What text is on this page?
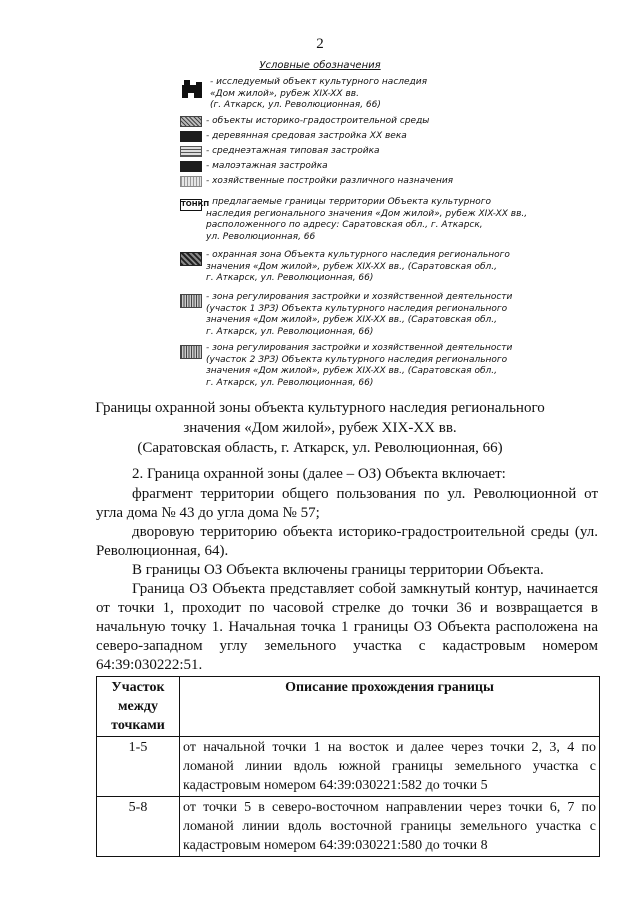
2
Условные обозначения
- исследуемый объект культурного наследия
«Дом жилой», рубеж XIX-XX вв.
(г. Аткарск, ул. Революционная, 66)
- объекты историко-градостроительной среды
- деревянная средовая застройка XX века
- среднеэтажная типовая застройка
- малоэтажная застройка
- хозяйственные постройки различного назначения
ТОНКП
- предлагаемые границы территории Объекта культурного
наследия регионального значения «Дом жилой», рубеж XIX-XX вв.,
расположенного по адресу: Саратовская обл., г. Аткарск,
ул. Революционная, 66
- охранная зона Объекта культурного наследия регионального
значения «Дом жилой», рубеж XIX-XX вв., (Саратовская обл.,
г. Аткарск, ул. Революционная, 66)
- зона регулирования застройки и хозяйственной деятельности
(участок 1 ЗРЗ) Объекта культурного наследия регионального
значения «Дом жилой», рубеж XIX-XX вв., (Саратовская обл.,
г. Аткарск, ул. Революционная, 66)
- зона регулирования застройки и хозяйственной деятельности
(участок 2 ЗРЗ) Объекта культурного наследия регионального
значения «Дом жилой», рубеж XIX-XX вв., (Саратовская обл.,
г. Аткарск, ул. Революционная, 66)
Границы охранной зоны объекта культурного наследия регионального
значения «Дом жилой», рубеж XIX-XX вв.
(Саратовская область, г. Аткарск, ул. Революционная, 66)
2. Граница охранной зоны (далее – ОЗ) Объекта включает:
фрагмент территории общего пользования по ул. Революционной от угла дома № 43 до угла дома № 57;
дворовую территорию объекта историко-градостроительной среды (ул. Революционная, 64).
В границы ОЗ Объекта включены границы территории Объекта.
Граница ОЗ Объекта представляет собой замкнутый контур, начинается от точки 1, проходит по часовой стрелке до точки 36 и возвращается в начальную точку 1. Начальная точка 1 границы ОЗ Объекта расположена на северо-западном углу земельного участка с кадастровым номером 64:39:030222:51.
Участок между точками	Описание прохождения границы
1-5	от начальной точки 1 на восток и далее через точки 2, 3, 4 по ломаной линии вдоль южной границы земельного участка с кадастровым номером 64:39:030221:582 до точки 5
5-8	от точки 5 в северо-восточном направлении через точки 6, 7 по ломаной линии вдоль восточной границы земельного участка с кадастровым номером 64:39:030221:580 до точки 8
